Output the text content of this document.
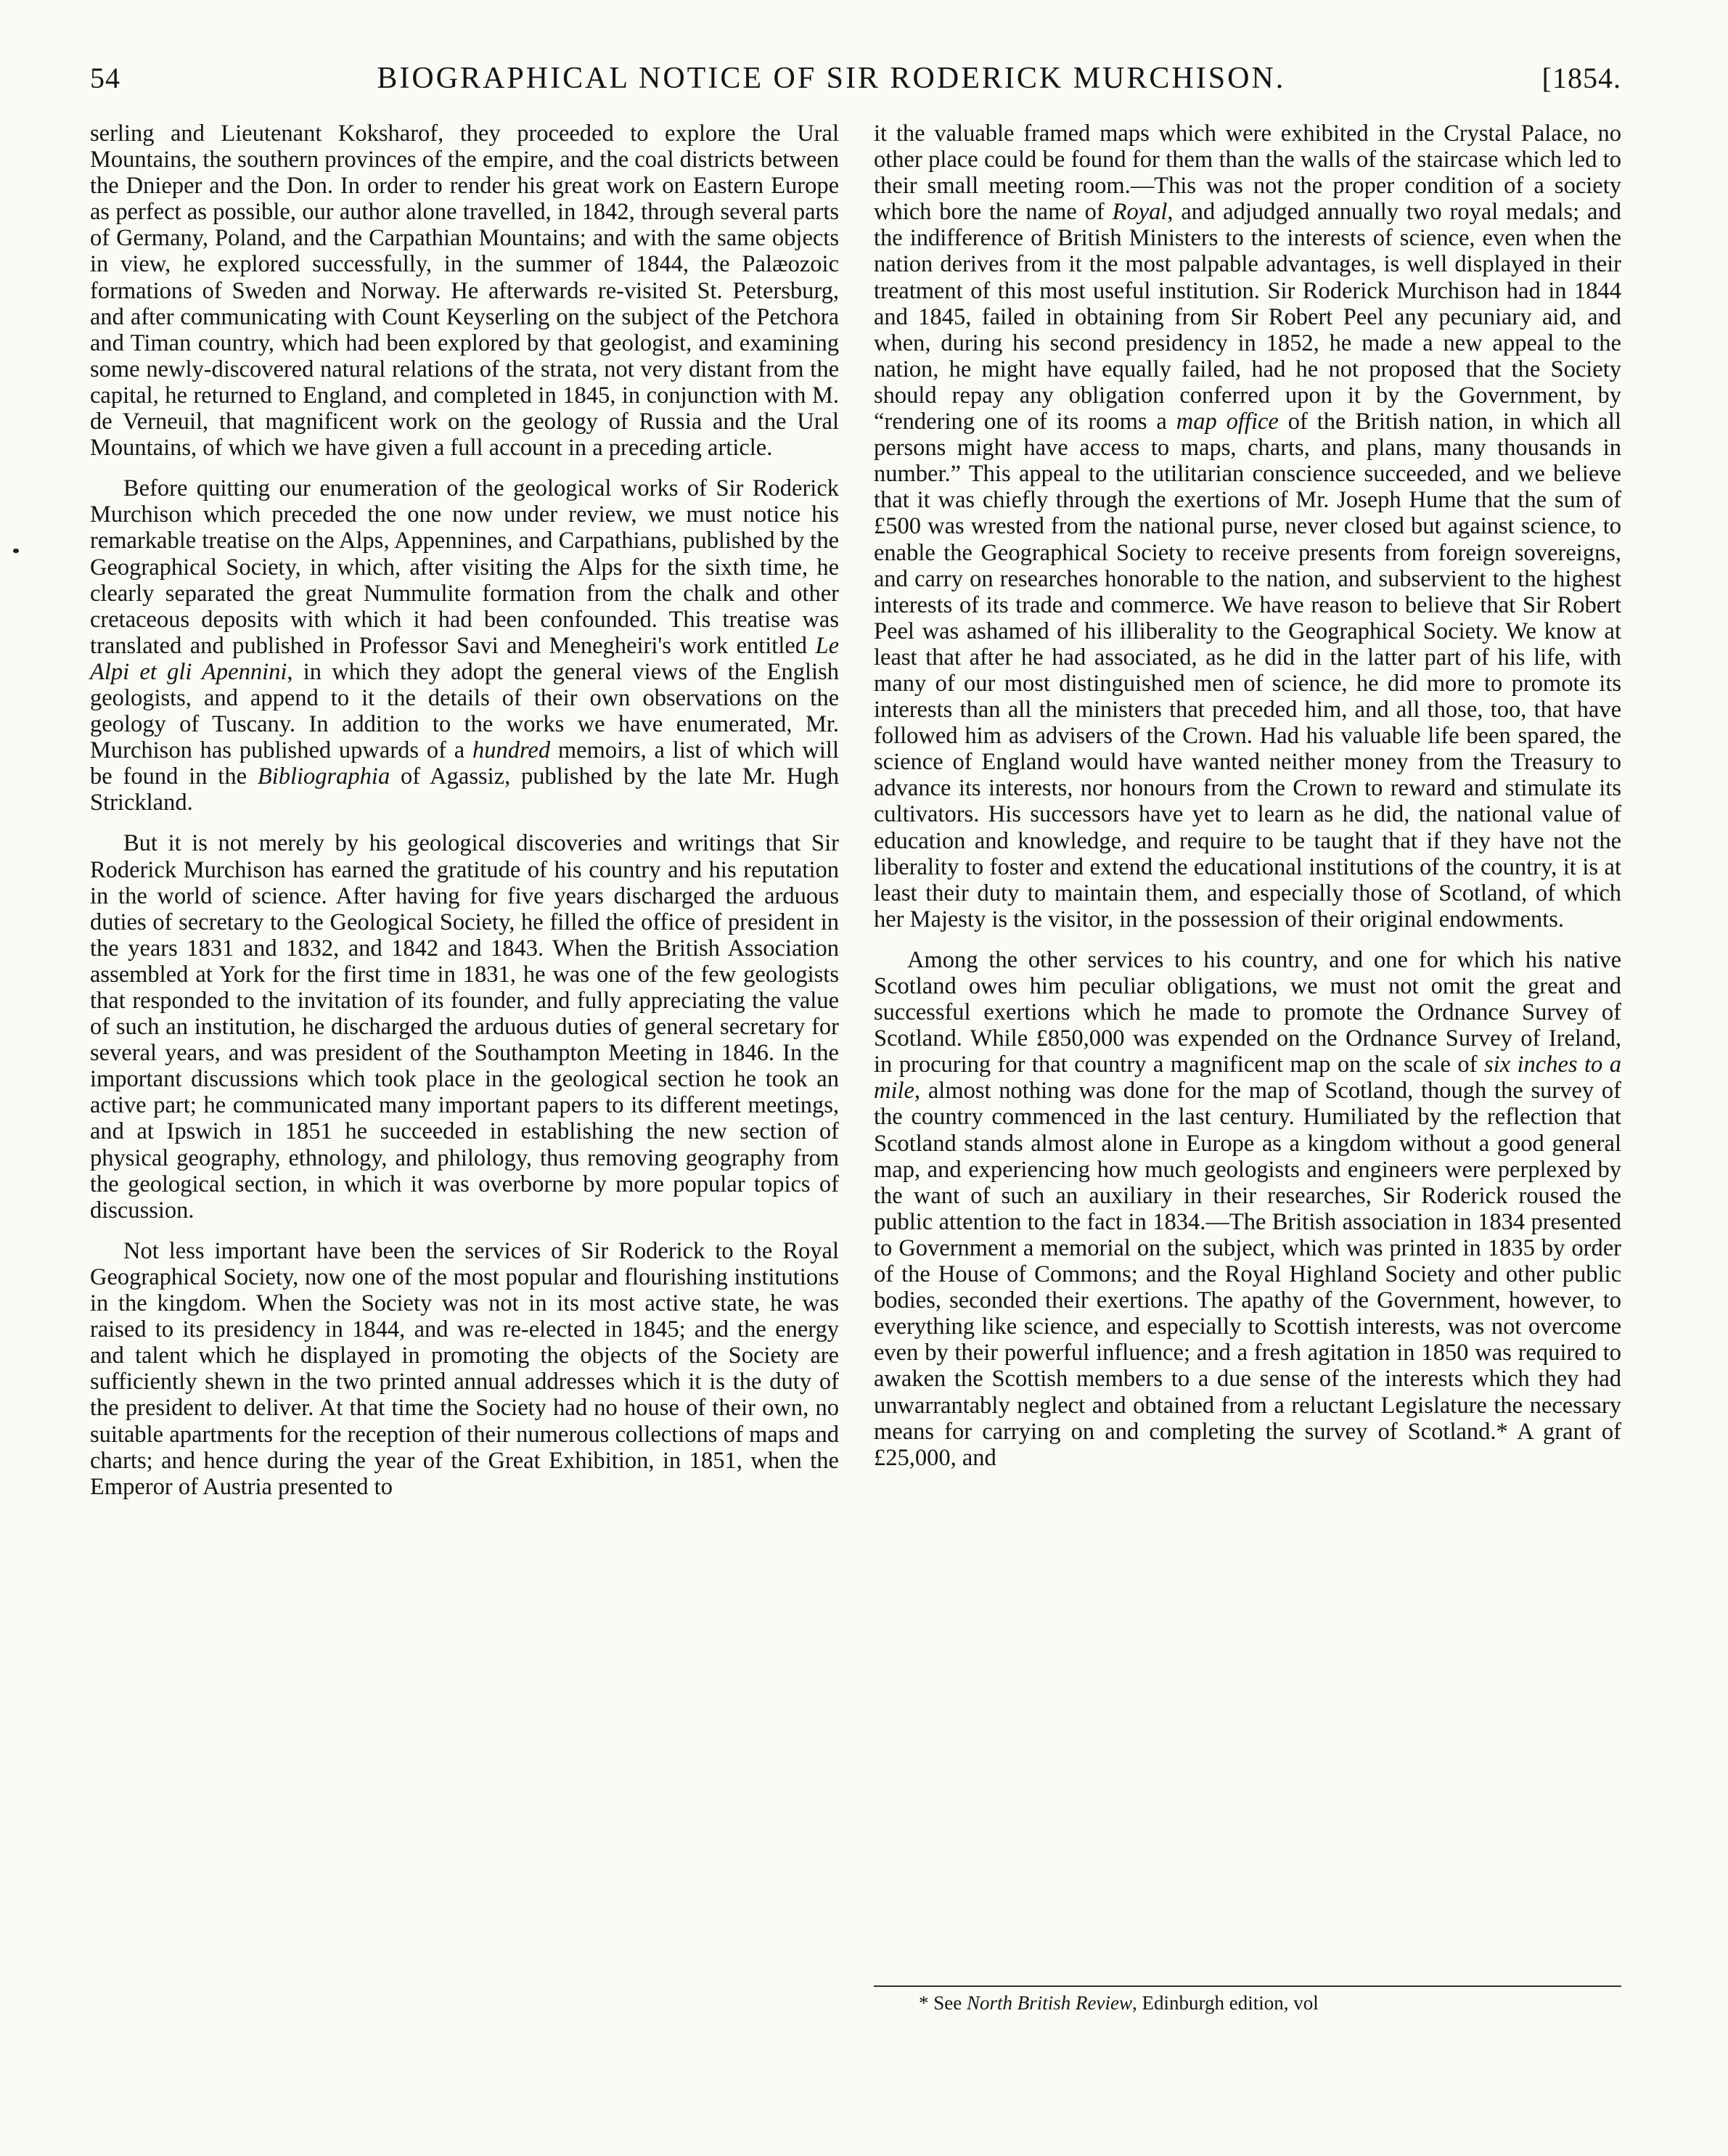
54	BIOGRAPHICAL NOTICE OF SIR RODERICK MURCHISON.	[1854.

serling and Lieutenant Koksharof, they proceeded to explore the Ural Mountains, the southern provinces of the empire, and the coal districts between the Dnieper and the Don. In order to render his great work on Eastern Europe as perfect as possible, our author alone travelled, in 1842, through several parts of Germany, Poland, and the Carpathian Mountains; and with the same objects in view, he explored successfully, in the summer of 1844, the Palæozoic formations of Sweden and Norway. He afterwards re-visited St. Petersburg, and after communicating with Count Keyserling on the subject of the Petchora and Timan country, which had been explored by that geologist, and examining some newly-discovered natural relations of the strata, not very distant from the capital, he returned to England, and completed in 1845, in conjunction with M. de Verneuil, that magnificent work on the geology of Russia and the Ural Mountains, of which we have given a full account in a preceding article.

Before quitting our enumeration of the geological works of Sir Roderick Murchison which preceded the one now under review, we must notice his remarkable treatise on the Alps, Appennines, and Carpathians, published by the Geographical Society, in which, after visiting the Alps for the sixth time, he clearly separated the great Nummulite formation from the chalk and other cretaceous deposits with which it had been confounded. This treatise was translated and published in Professor Savi and Menegheiri's work entitled Le Alpi et gli Apennini, in which they adopt the general views of the English geologists, and append to it the details of their own observations on the geology of Tuscany. In addition to the works we have enumerated, Mr. Murchison has published upwards of a hundred memoirs, a list of which will be found in the Bibliographia of Agassiz, published by the late Mr. Hugh Strickland.

But it is not merely by his geological discoveries and writings that Sir Roderick Murchison has earned the gratitude of his country and his reputation in the world of science. After having for five years discharged the arduous duties of secretary to the Geological Society, he filled the office of president in the years 1831 and 1832, and 1842 and 1843. When the British Association assembled at York for the first time in 1831, he was one of the few geologists that responded to the invitation of its founder, and fully appreciating the value of such an institution, he discharged the arduous duties of general secretary for several years, and was president of the Southampton Meeting in 1846. In the important discussions which took place in the geological section he took an active part; he communicated many important papers to its different meetings, and at Ipswich in 1851 he succeeded in establishing the new section of physical geography, ethnology, and philology, thus removing geography from the geological section, in which it was overborne by more popular topics of discussion.

Not less important have been the services of Sir Roderick to the Royal Geographical Society, now one of the most popular and flourishing institutions in the kingdom. When the Society was not in its most active state, he was raised to its presidency in 1844, and was re-elected in 1845; and the energy and talent which he displayed in promoting the objects of the Society are sufficiently shewn in the two printed annual addresses which it is the duty of the president to deliver. At that time the Society had no house of their own, no suitable apartments for the reception of their numerous collections of maps and charts; and hence during the year of the Great Exhibition, in 1851, when the Emperor of Austria presented to

it the valuable framed maps which were exhibited in the Crystal Palace, no other place could be found for them than the walls of the staircase which led to their small meeting room.—This was not the proper condition of a society which bore the name of Royal, and adjudged annually two royal medals; and the indifference of British Ministers to the interests of science, even when the nation derives from it the most palpable advantages, is well displayed in their treatment of this most useful institution. Sir Roderick Murchison had in 1844 and 1845, failed in obtaining from Sir Robert Peel any pecuniary aid, and when, during his second presidency in 1852, he made a new appeal to the nation, he might have equally failed, had he not proposed that the Society should repay any obligation conferred upon it by the Government, by “rendering one of its rooms a map office of the British nation, in which all persons might have access to maps, charts, and plans, many thousands in number.” This appeal to the utilitarian conscience succeeded, and we believe that it was chiefly through the exertions of Mr. Joseph Hume that the sum of £500 was wrested from the national purse, never closed but against science, to enable the Geographical Society to receive presents from foreign sovereigns, and carry on researches honorable to the nation, and subservient to the highest interests of its trade and commerce. We have reason to believe that Sir Robert Peel was ashamed of his illiberality to the Geographical Society. We know at least that after he had associated, as he did in the latter part of his life, with many of our most distinguished men of science, he did more to promote its interests than all the ministers that preceded him, and all those, too, that have followed him as advisers of the Crown. Had his valuable life been spared, the science of England would have wanted neither money from the Treasury to advance its interests, nor honours from the Crown to reward and stimulate its cultivators. His successors have yet to learn as he did, the national value of education and knowledge, and require to be taught that if they have not the liberality to foster and extend the educational institutions of the country, it is at least their duty to maintain them, and especially those of Scotland, of which her Majesty is the visitor, in the possession of their original endowments.

Among the other services to his country, and one for which his native Scotland owes him peculiar obligations, we must not omit the great and successful exertions which he made to promote the Ordnance Survey of Scotland. While £850,000 was expended on the Ordnance Survey of Ireland, in procuring for that country a magnificent map on the scale of six inches to a mile, almost nothing was done for the map of Scotland, though the survey of the country commenced in the last century. Humiliated by the reflection that Scotland stands almost alone in Europe as a kingdom without a good general map, and experiencing how much geologists and engineers were perplexed by the want of such an auxiliary in their researches, Sir Roderick roused the public attention to the fact in 1834.—The British association in 1834 presented to Government a memorial on the subject, which was printed in 1835 by order of the House of Commons; and the Royal Highland Society and other public bodies, seconded their exertions. The apathy of the Government, however, to everything like science, and especially to Scottish interests, was not overcome even by their powerful influence; and a fresh agitation in 1850 was required to awaken the Scottish members to a due sense of the interests which they had unwarrantably neglect and obtained from a reluctant Legislature the necessary means for carrying on and completing the survey of Scotland.* A grant of £25,000, and

* See North British Review, Edinburgh edition, vol
